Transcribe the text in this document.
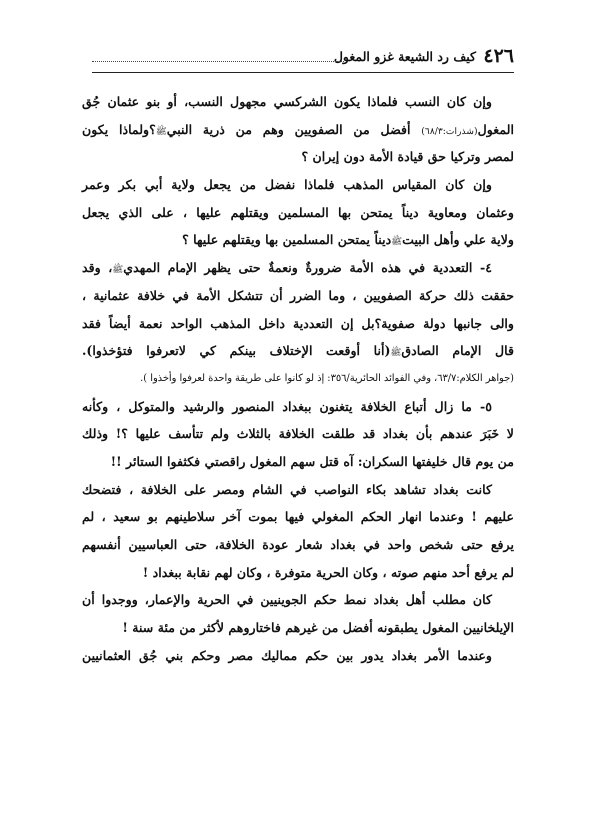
٤٢٦
كيف رد الشيعة غزو المغول
وإن كان النسب فلماذا يكون الشركسي مجهول النسب، أو بنو عثمان جُق
المغول(شذرات:٦٨/٣) أفضل من الصفويين وهم من ذرية النبيﷺ؟ولماذا يكون
لمصر وتركيا حق قيادة الأمة دون إيران ؟
وإن كان المقياس المذهب فلماذا نفضل من يجعل ولاية أبي بكر وعمر
وعثمان ومعاوية ديناً يمتحن بها المسلمين ويقتلهم عليها ، على الذي يجعل
ولاية علي وأهل البيتﷺديناً يمتحن المسلمين بها ويقتلهم عليها ؟
٤- التعددية في هذه الأمة ضرورةٌ ونعمةٌ حتى يظهر الإمام المهديﷺ، وقد
حققت ذلك حركة الصفويين ، وما الضرر أن تتشكل الأمة في خلافة عثمانية ،
والى جانبها دولة صفوية؟بل إن التعددية داخل المذهب الواحد نعمة أيضاً فقد
قال الإمام الصادقﷺ(أنا أوقعت الإختلاف بينكم كي لاتعرفوا فتؤخذوا).
(جواهر الكلام:٦٣/٧، وفي الفوائد الحائرية/٣٥٦: إذ لو كانوا على طريقة واحدة لعرفوا وأخذوا ).
٥- ما زال أتباع الخلافة يتغنون ببغداد المنصور والرشيد والمتوكل ، وكأنه
لا خَبَرَ عندهم بأن بغداد قد طلقت الخلافة بالثلاث ولم تتأسف عليها ؟! وذلك
من يوم قال خليفتها السكران: آه قتل سهم المغول راقصتي فكثفوا الستائر !!
كانت بغداد تشاهد بكاء النواصب في الشام ومصر على الخلافة ، فتضحك
عليهم ! وعندما انهار الحكم المغولي فيها بموت آخر سلاطينهم بو سعيد ، لم
يرفع حتى شخص واحد في بغداد شعار عودة الخلافة، حتى العباسيين أنفسهم
لم يرفع أحد منهم صوته ، وكان الحرية متوفرة ، وكان لهم نقابة ببغداد !
كان مطلب أهل بغداد نمط حكم الجوينيين في الحرية والإعمار، ووجدوا أن
الإيلخانيين المغول يطبقونه أفضل من غيرهم فاختاروهم لأكثر من مئة سنة !
وعندما الأمر بغداد يدور بين حكم مماليك مصر وحكم بني جُق العثمانيين
